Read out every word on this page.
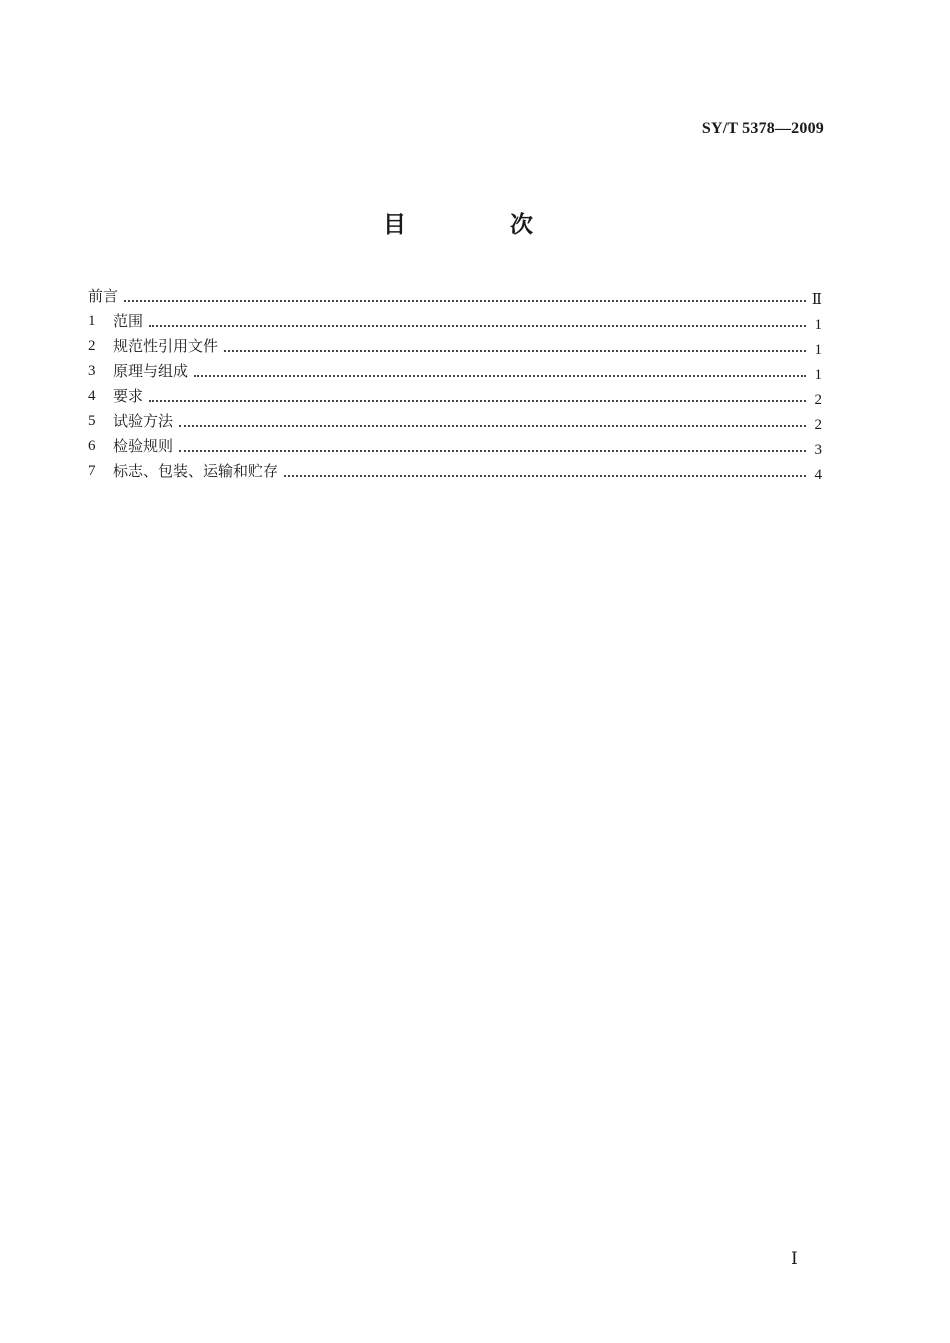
SY/T 5378—2009
目 次
前言	Ⅱ
1	范围	1
2	规范性引用文件	1
3	原理与组成	1
4	要求	2
5	试验方法	2
6	检验规则	3
7	标志、包装、运输和贮存	4
Ⅰ
